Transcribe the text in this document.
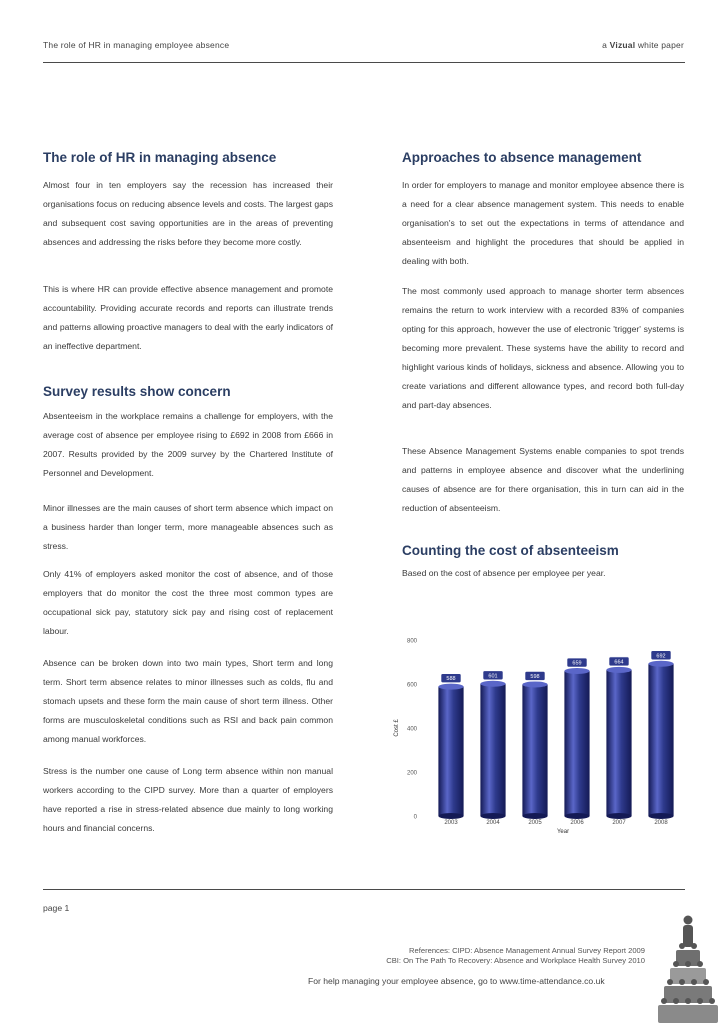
The role of HR in managing employee absence	a Vizual white paper
The role of HR in managing absence

Almost four in ten employers say the recession has increased their organisations focus on reducing absence levels and costs. The largest gaps and subsequent cost saving opportunities are in the areas of preventing absences and addressing the risks before they become more costly.

This is where HR can provide effective absence management and promote accountability. Providing accurate records and reports can illustrate trends and patterns allowing proactive managers to deal with the early indicators of an ineffective department.

Survey results show concern

Absenteeism in the workplace remains a challenge for employers, with the average cost of absence per employee rising to £692 in 2008 from £666 in 2007. Results provided by the 2009 survey by the Chartered Institute of Personnel and Development.

Minor illnesses are the main causes of short term absence which impact on a business harder than longer term, more manageable absences such as stress.

Only 41% of employers asked monitor the cost of absence, and of those employers that do monitor the cost the three most common types are occupational sick pay, statutory sick pay and rising cost of replacement labour.

Absence can be broken down into two main types, Short term and long term. Short term absence relates to minor illnesses such as colds, flu and stomach upsets and these form the main cause of short term illness. Other forms are musculoskeletal conditions such as RSI and back pain common among manual workforces.

Stress is the number one cause of Long term absence within non manual workers according to the CIPD survey. More than a quarter of employers have reported a rise in stress-related absence due mainly to long working hours and financial concerns.

Approaches to absence management

In order for employers to manage and monitor employee absence there is a need for a clear absence management system. This needs to enable organisation's to set out the expectations in terms of attendance and absenteeism and highlight the procedures that should be applied in dealing with both.

The most commonly used approach to manage shorter term absences remains the return to work interview with a recorded 83% of companies opting for this approach, however the use of electronic 'trigger' systems is becoming more prevalent. These systems have the ability to record and highlight various kinds of holidays, sickness and absence. Allowing you to create variations and different allowance types, and record both full-day and part-day absences.

These Absence Management Systems enable companies to spot trends and patterns in employee absence and discover what the underlining causes of absence are for there organisation, this in turn can aid in the reduction of absenteeism.

Counting the cost of absenteeism

Based on the cost of absence per employee per year.

0
200
400
600
800
Cost £
588
2003
601
2004
598
2005
659
2006
664
2007
692
2008
Year
page 1
References: CIPD: Absence Management Annual Survey Report 2009
CBI: On The Path To Recovery: Absence and Workplace Health Survey 2010
For help managing your employee absence, go to www.time-attendance.co.uk
